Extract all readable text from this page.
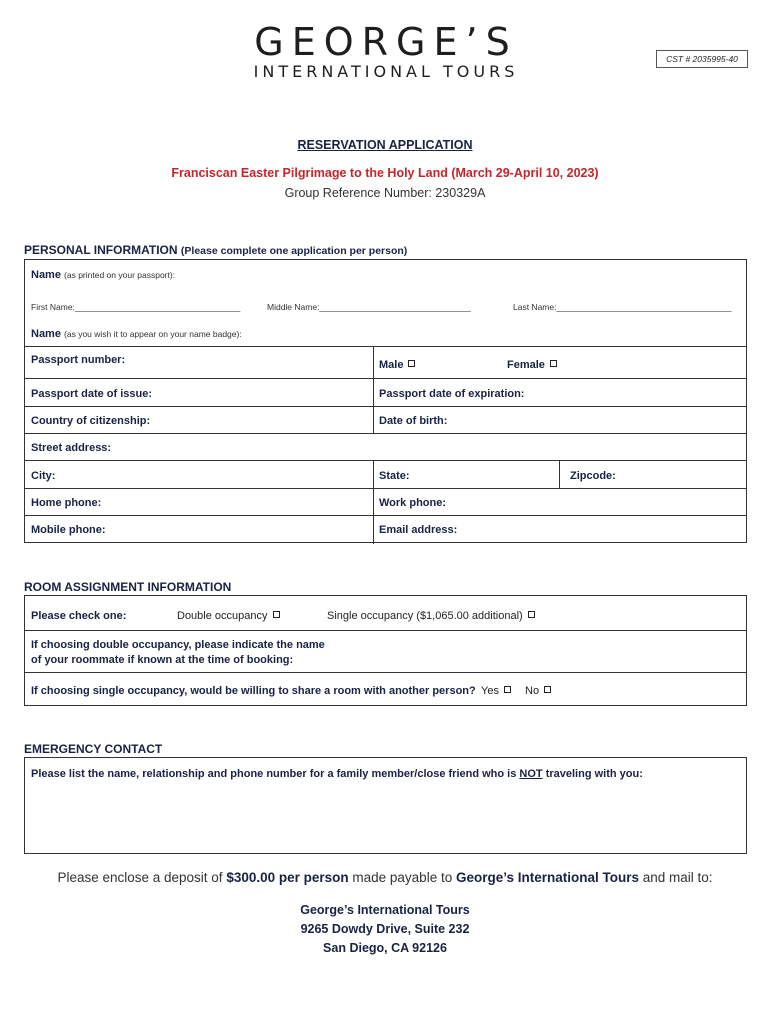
GEORGE’S
INTERNATIONAL TOURS
CST # 2035995-40
RESERVATION APPLICATION
Franciscan Easter Pilgrimage to the Holy Land (March 29-April 10, 2023)
Group Reference Number: 230329A
PERSONAL INFORMATION (Please complete one application per person)
Name (as printed on your passport):
First Name:___________________________________	Middle Name:________________________________	Last Name:_____________________________________
Name (as you wish it to appear on your name badge):
Passport number:	Male	Female
Passport date of issue:	Passport date of expiration:
Country of citizenship:	Date of birth:
Street address:
City:	State:	Zipcode:
Home phone:	Work phone:
Mobile phone:	Email address:
ROOM ASSIGNMENT INFORMATION
Please check one:	Double occupancy	Single occupancy ($1,065.00 additional)
If choosing double occupancy, please indicate the name
of your roommate if known at the time of booking:
If choosing single occupancy, would be willing to share a room with another person? Yes	No
EMERGENCY CONTACT
Please list the name, relationship and phone number for a family member/close friend who is NOT traveling with you:
Please enclose a deposit of $300.00 per person made payable to George’s International Tours and mail to:
George’s International Tours
9265 Dowdy Drive, Suite 232
San Diego, CA 92126
